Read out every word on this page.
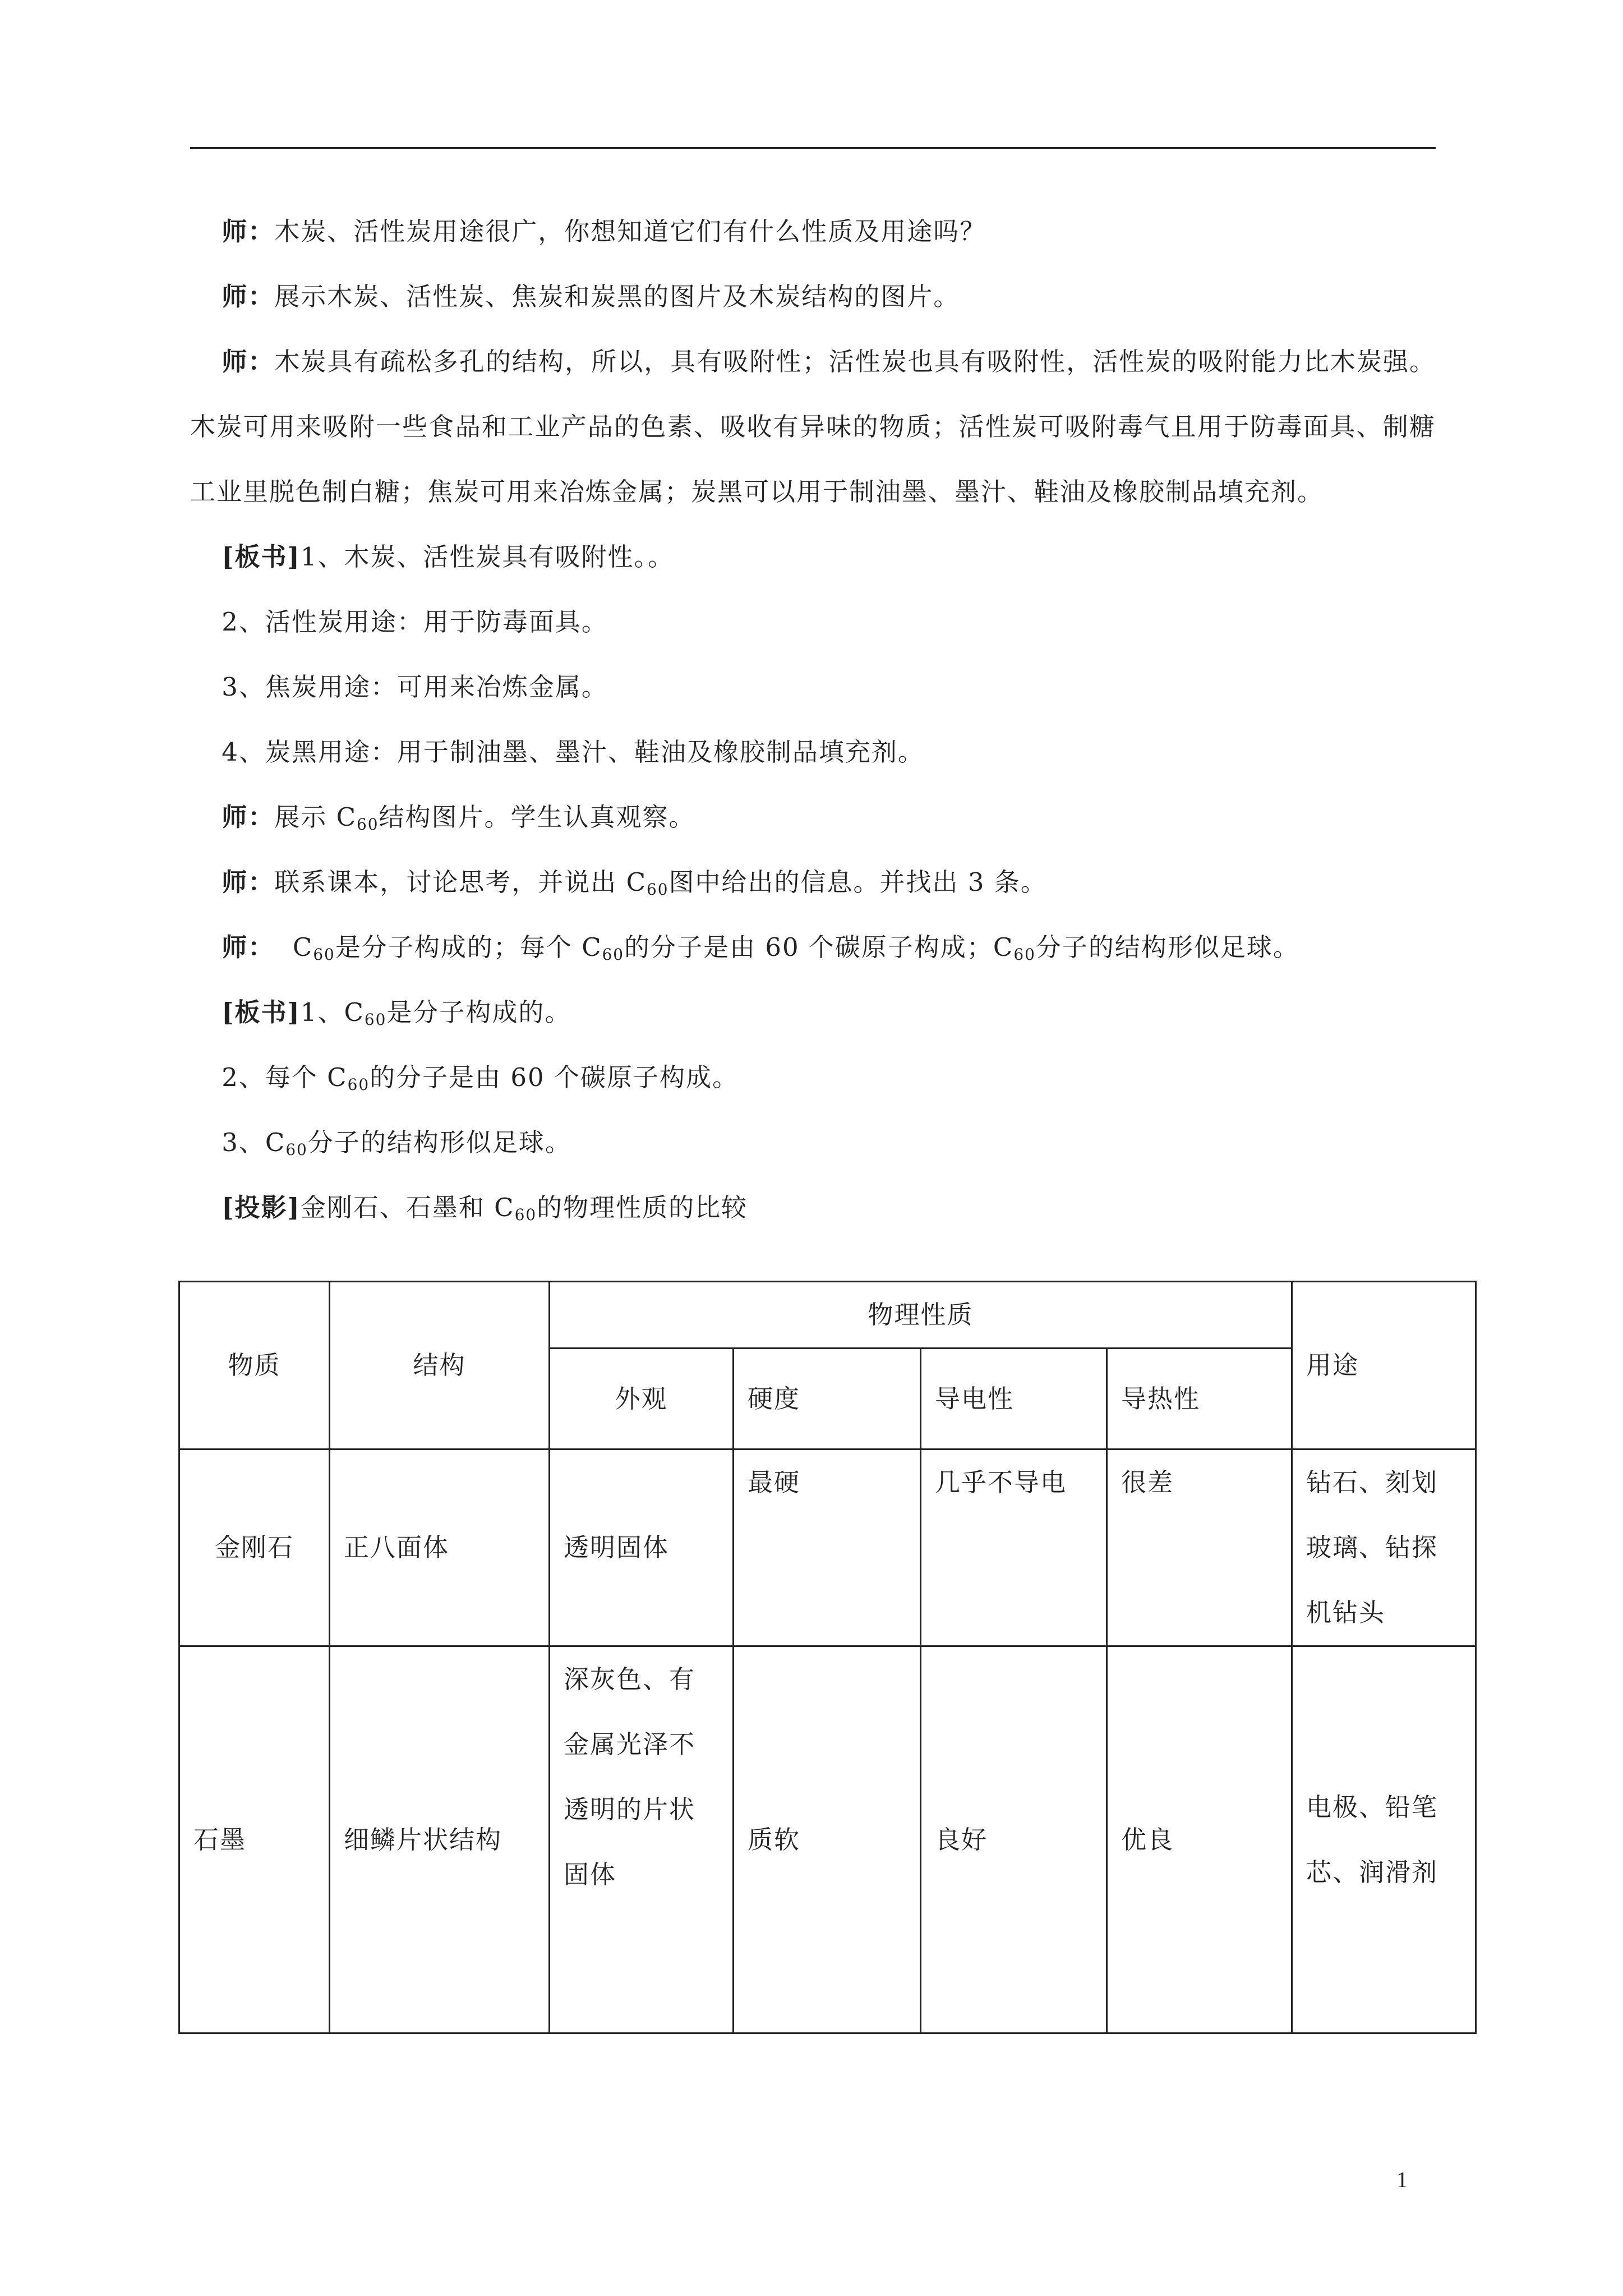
师：木炭、活性炭用途很广，你想知道它们有什么性质及用途吗？

师：展示木炭、活性炭、焦炭和炭黑的图片及木炭结构的图片。

师：木炭具有疏松多孔的结构，所以，具有吸附性；活性炭也具有吸附性，活性炭的吸附能力比木炭强。木炭可用来吸附一些食品和工业产品的色素、吸收有异味的物质；活性炭可吸附毒气且用于防毒面具、制糖工业里脱色制白糖；焦炭可用来冶炼金属；炭黑可以用于制油墨、墨汁、鞋油及橡胶制品填充剂。

[板书]1、木炭、活性炭具有吸附性。。

2、活性炭用途：用于防毒面具。

3、焦炭用途：可用来冶炼金属。

4、炭黑用途：用于制油墨、墨汁、鞋油及橡胶制品填充剂。

师：展示 $C_{60}$结构图片。学生认真观察。

师：联系课本，讨论思考，并说出 $C_{60}$图中给出的信息。并找出 3 条。

师： $C_{60}$是分子构成的；每个 $C_{60}$的分子是由 60 个碳原子构成；$C_{60}$分子的结构形似足球。

[板书]1、$C_{60}$是分子构成的。

2、每个 $C_{60}$的分子是由 60 个碳原子构成。

3、$C_{60}$分子的结构形似足球。

[投影]金刚石、石墨和 $C_{60}$的物理性质的比较

物质	结构	物理性质				用途
		外观	硬度	导电性	导热性	
金刚石	正八面体	透明固体	最硬	几乎不导电	很差	钻石、刻划玻璃、钻探机钻头
石墨	细鳞片状结构	深灰色、有金属光泽不透明的片状固体	质软	良好	优良	电极、铅笔芯、润滑剂
1
